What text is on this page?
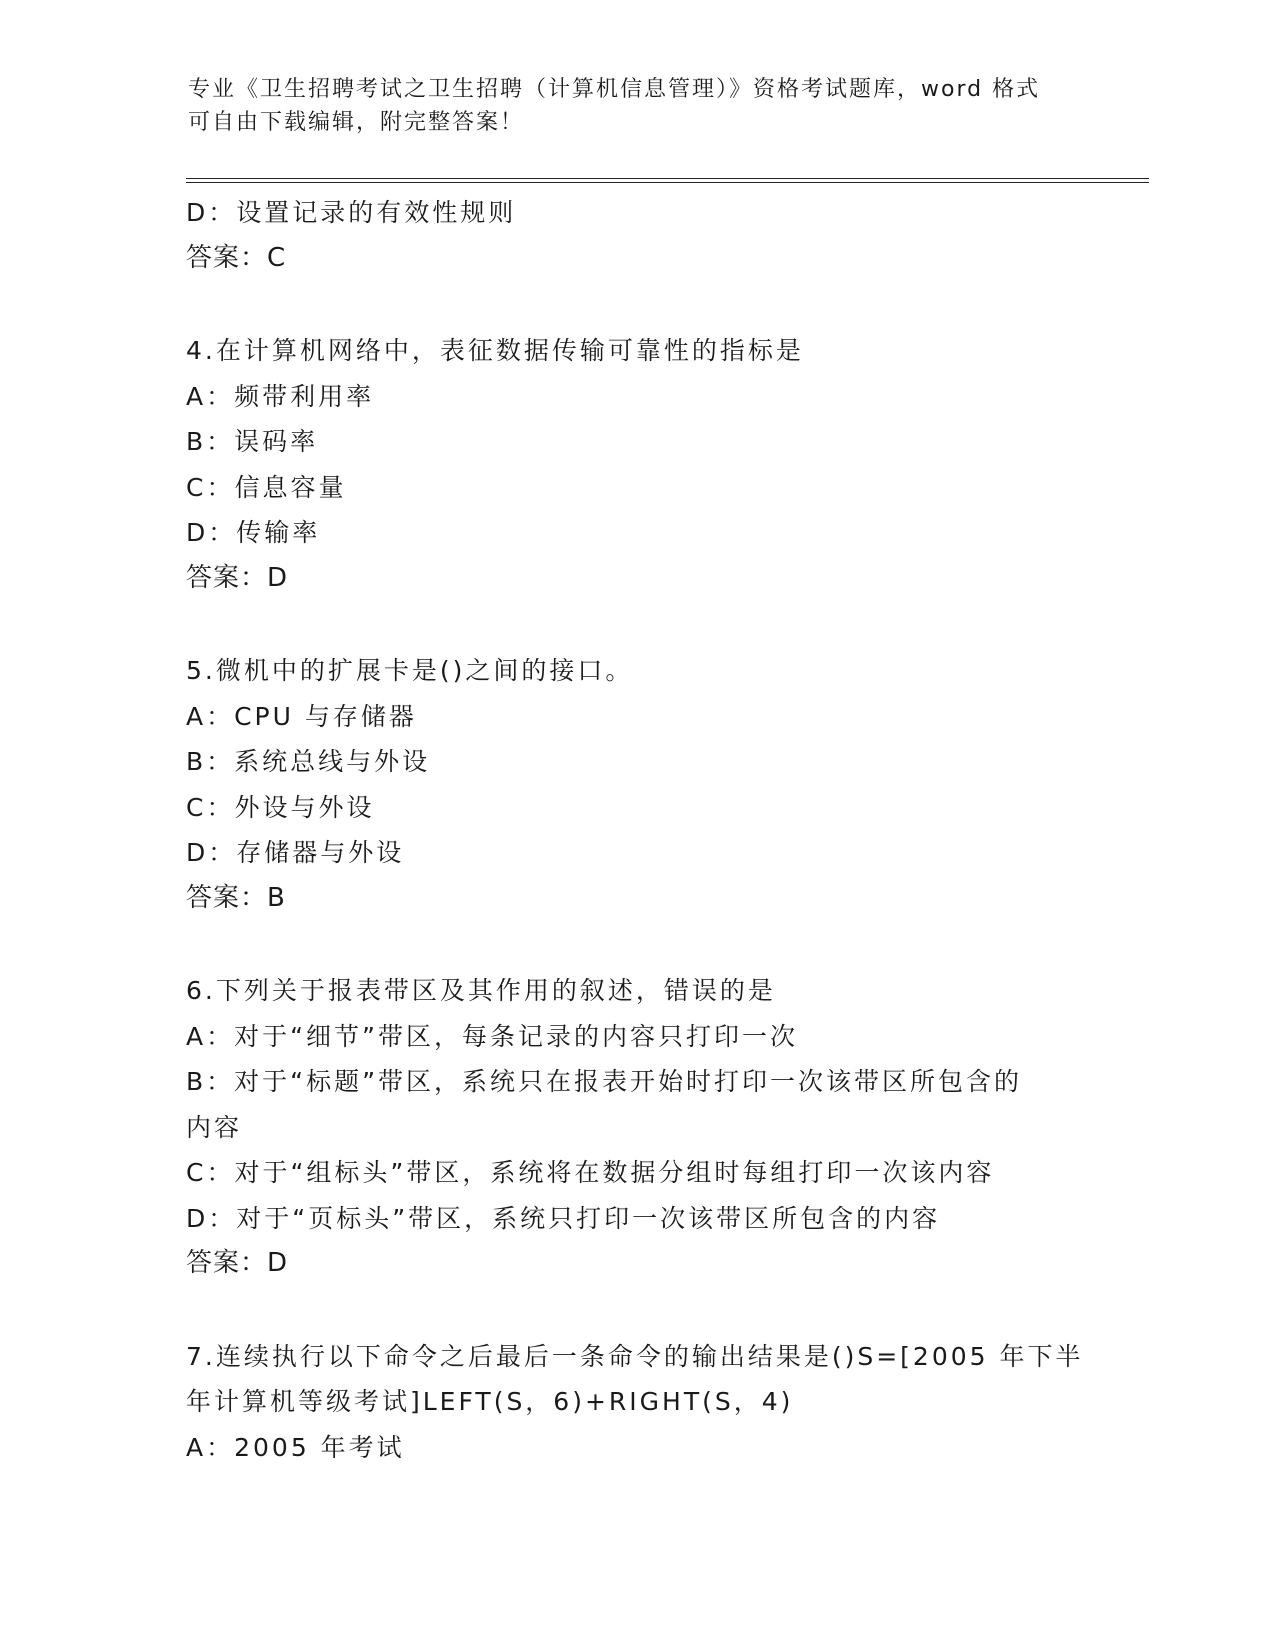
专业《卫生招聘考试之卫生招聘（计算机信息管理）》资格考试题库，word 格式
可自由下载编辑，附完整答案！
D：设置记录的有效性规则
答案：C
4.在计算机网络中，表征数据传输可靠性的指标是
A：频带利用率
B：误码率
C：信息容量
D：传输率
答案：D
5.微机中的扩展卡是()之间的接口。
A：CPU 与存储器
B：系统总线与外设
C：外设与外设
D：存储器与外设
答案：B
6.下列关于报表带区及其作用的叙述，错误的是
A：对于“细节”带区，每条记录的内容只打印一次
B：对于“标题”带区，系统只在报表开始时打印一次该带区所包含的
内容
C：对于“组标头”带区，系统将在数据分组时每组打印一次该内容
D：对于“页标头”带区，系统只打印一次该带区所包含的内容
答案：D
7.连续执行以下命令之后最后一条命令的输出结果是()S=[2005 年下半
年计算机等级考试]LEFT(S，6)+RIGHT(S，4)
A：2005 年考试
